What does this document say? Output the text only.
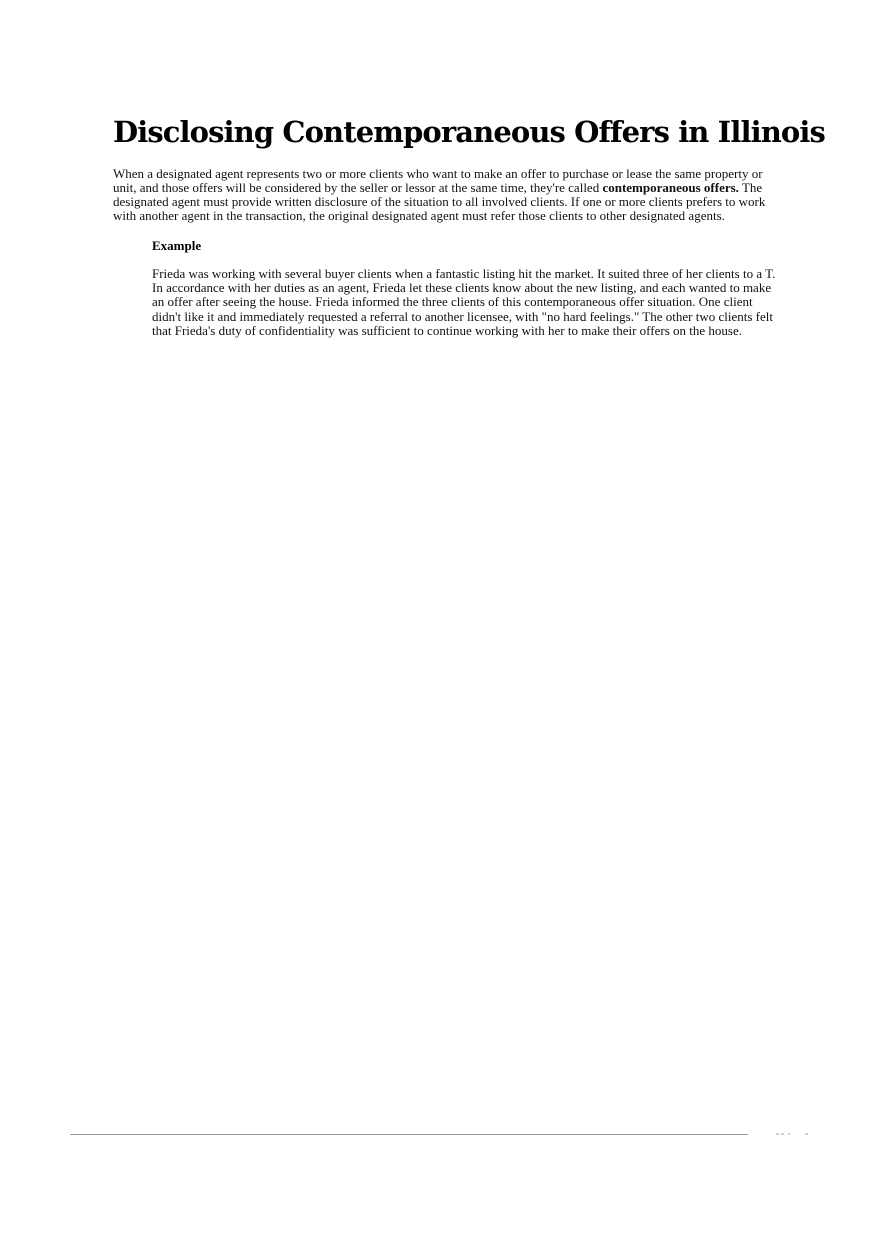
Disclosing Contemporaneous Offers in Illinois

When a designated agent represents two or more clients who want to make an offer to purchase or lease the same property or unit, and those offers will be considered by the seller or lessor at the same time, they're called contemporaneous offers. The designated agent must provide written disclosure of the situation to all involved clients. If one or more clients prefers to work with another agent in the transaction, the original designated agent must refer those clients to other designated agents.

Example

Frieda was working with several buyer clients when a fantastic listing hit the market. It suited three of her clients to a T. In accordance with her duties as an agent, Frieda let these clients know about the new listing, and each wanted to make an offer after seeing the house. Frieda informed the three clients of this contemporaneous offer situation. One client didn't like it and immediately requested a referral to another licensee, with "no hard feelings." The other two clients felt that Frieda's duty of confidentiality was sufficient to continue working with her to make their offers on the house.
